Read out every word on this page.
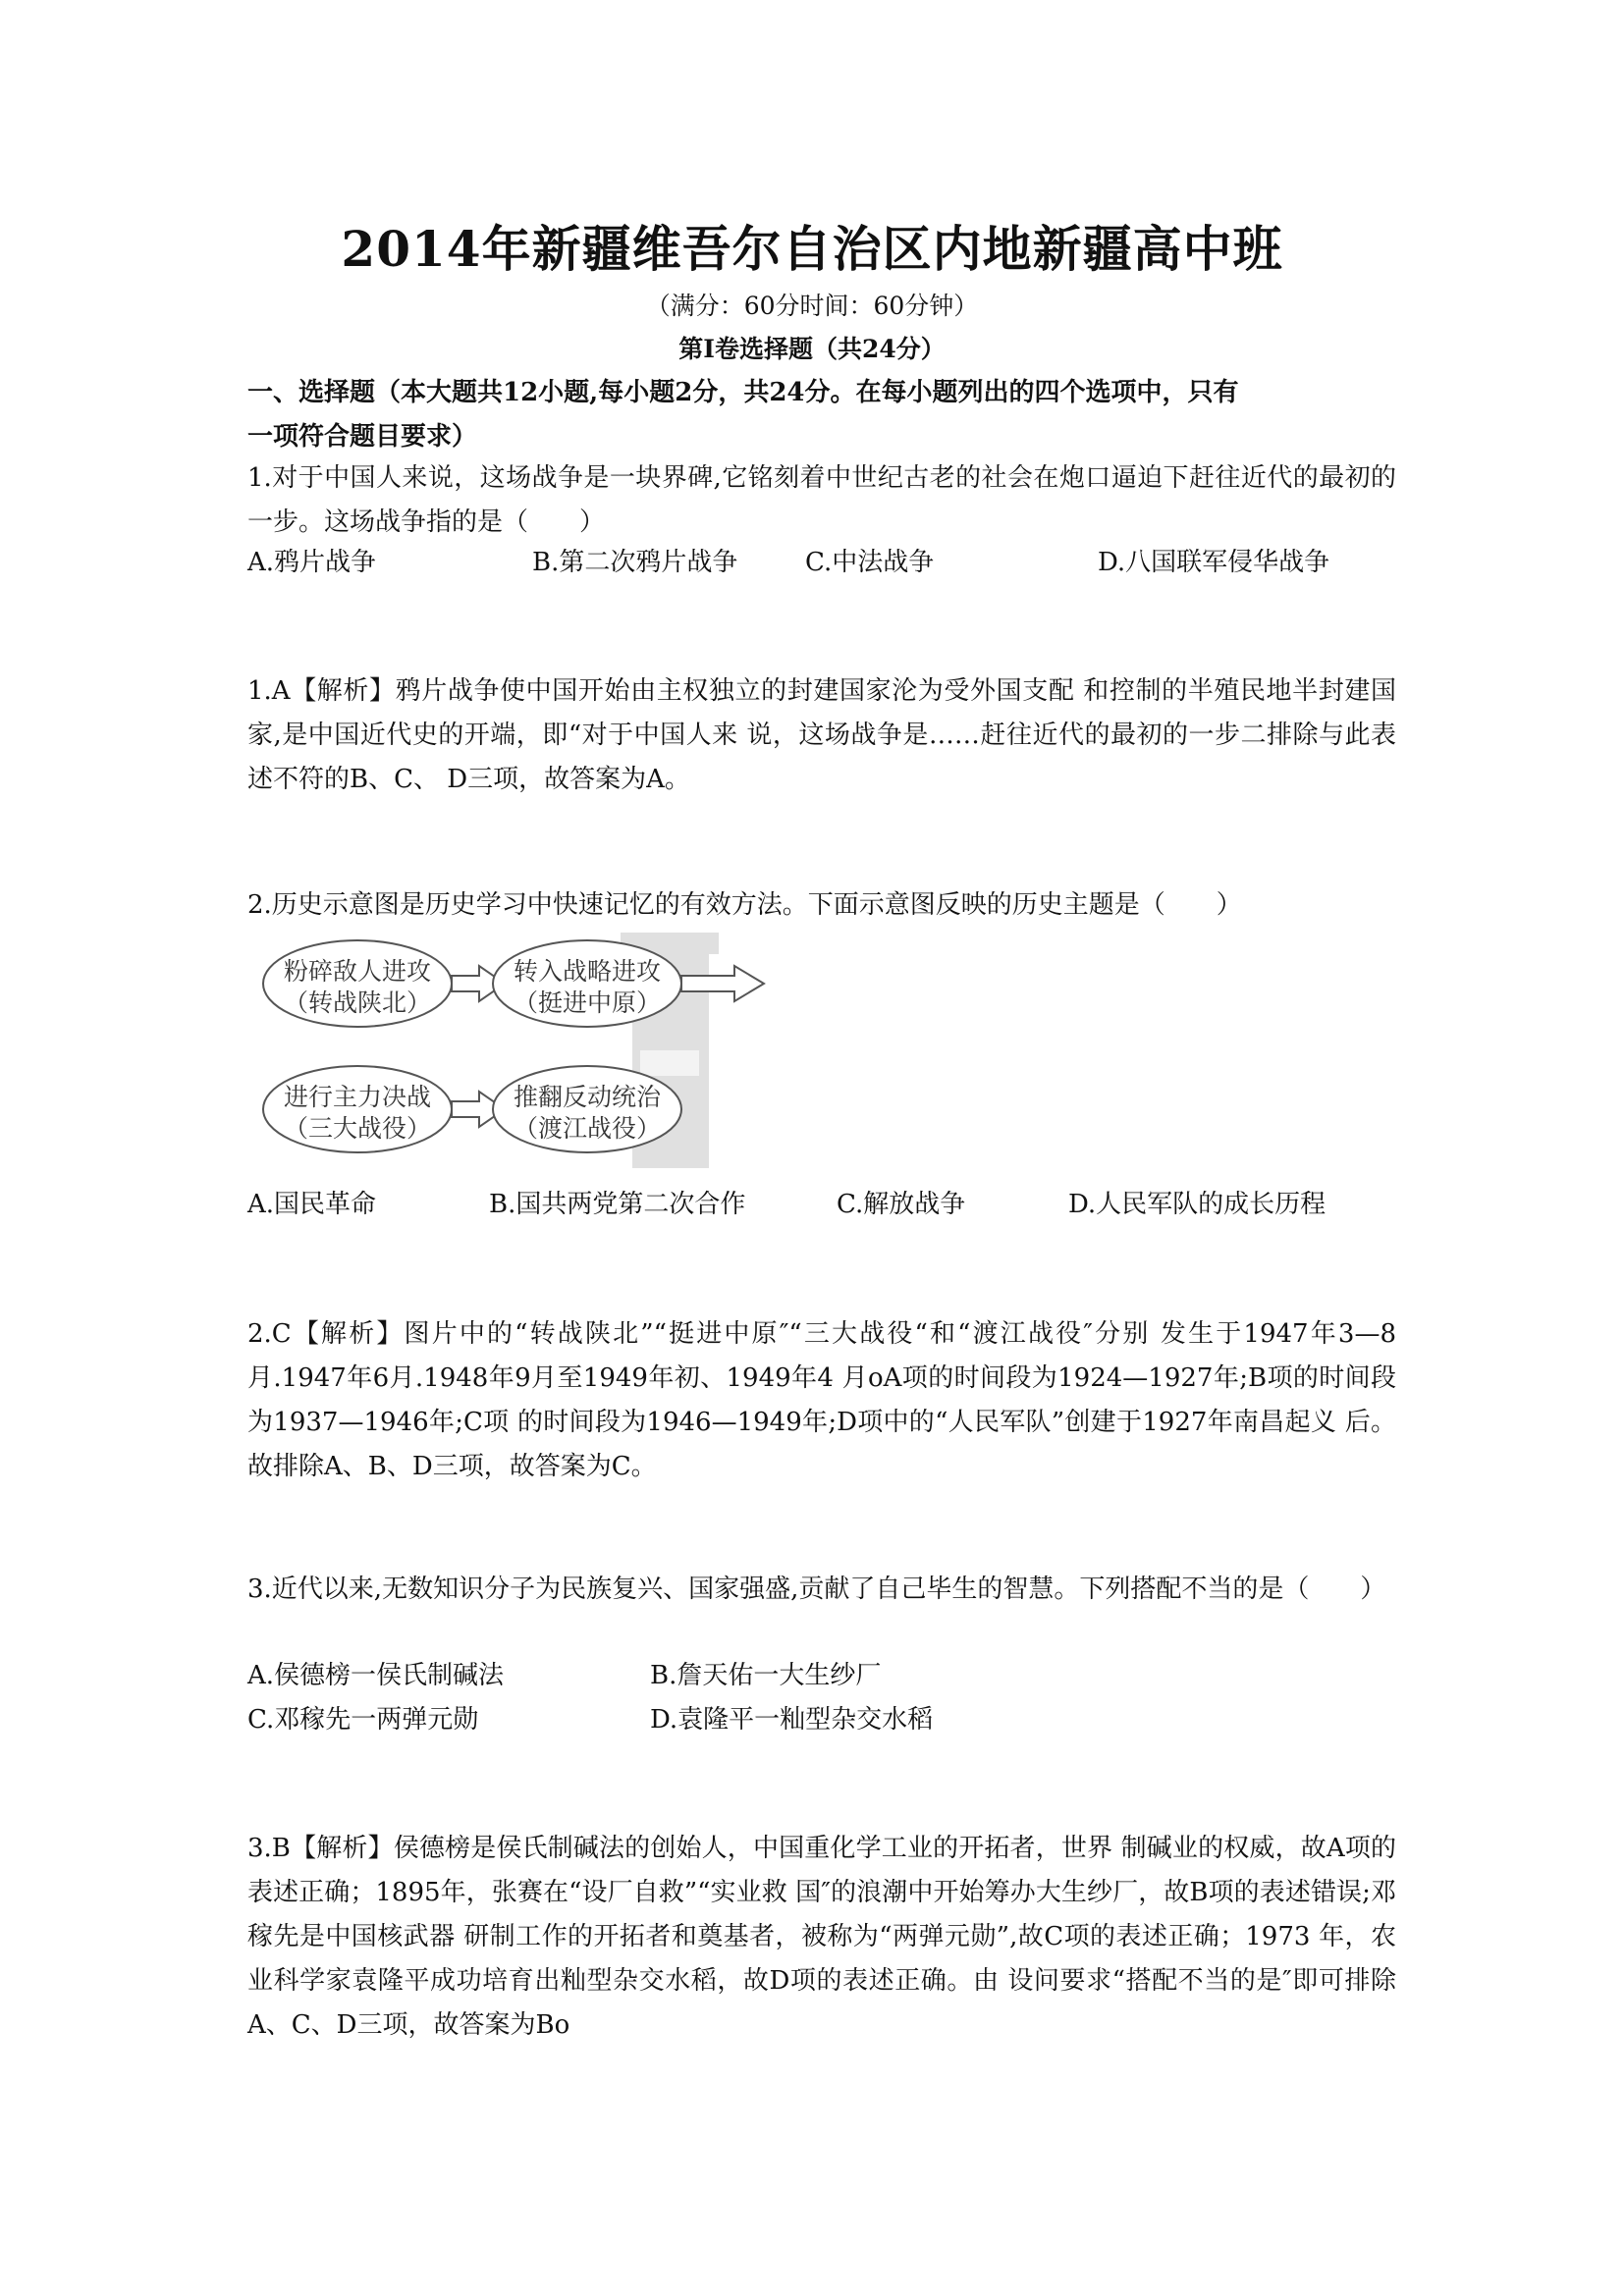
2014年新疆维吾尔自治区内地新疆高中班
（满分：60分时间：60分钟）
第Ⅰ卷选择题（共24分）
一、选择题（本大题共12小题,每小题2分，共24分。在每小题列出的四个选项中，只有
一项符合题目要求）
1.对于中国人来说，这场战争是一块界碑,它铭刻着中世纪古老的社会在炮口逼迫下赶往近代的最初的一步。这场战争指的是（　　）
A.鸦片战争	B.第二次鸦片战争	C.中法战争	D.八国联军侵华战争
1.A【解析】鸦片战争使中国开始由主权独立的封建国家沦为受外国支配 和控制的半殖民地半封建国家,是中国近代史的开端，即“对于中国人来 说，这场战争是……赶往近代的最初的一步二排除与此表述不符的B、C、 D三项，故答案为A。
2.历史示意图是历史学习中快速记忆的有效方法。下面示意图反映的历史主题是（　　）
粉碎敌人进攻
（转战陕北）
转入战略进攻
（挺进中原）
进行主力决战
（三大战役）
推翻反动统治
（渡江战役）
A.国民革命	B.国共两党第二次合作	C.解放战争	D.人民军队的成长历程
2.C【解析】图片中的“转战陕北”“挺进中原″“三大战役“和“渡江战役″分别 发生于1947年3—8月.1947年6月.1948年9月至1949年初、1949年4 月oA项的时间段为1924—1927年;B项的时间段为1937—1946年;C项 的时间段为1946—1949年;D项中的“人民军队”创建于1927年南昌起义 后。故排除A、B、D三项，故答案为C。
3.近代以来,无数知识分子为民族复兴、国家强盛,贡献了自己毕生的智慧。下列搭配不当的是（　　）
A.侯德榜一侯氏制碱法	B.詹天佑一大生纱厂
C.邓稼先一两弹元勋	D.袁隆平一籼型杂交水稻
3.B【解析】侯德榜是侯氏制碱法的创始人，中国重化学工业的开拓者，世界 制碱业的权威，故A项的表述正确；1895年，张赛在“设厂自救”“实业救 国″的浪潮中开始筹办大生纱厂，故B项的表述错误;邓稼先是中国核武器 研制工作的开拓者和奠基者，被称为“两弹元勋”,故C项的表述正确；1973 年，农业科学家袁隆平成功培育出籼型杂交水稻，故D项的表述正确。由 设问要求“搭配不当的是″即可排除A、C、D三项，故答案为Bo
